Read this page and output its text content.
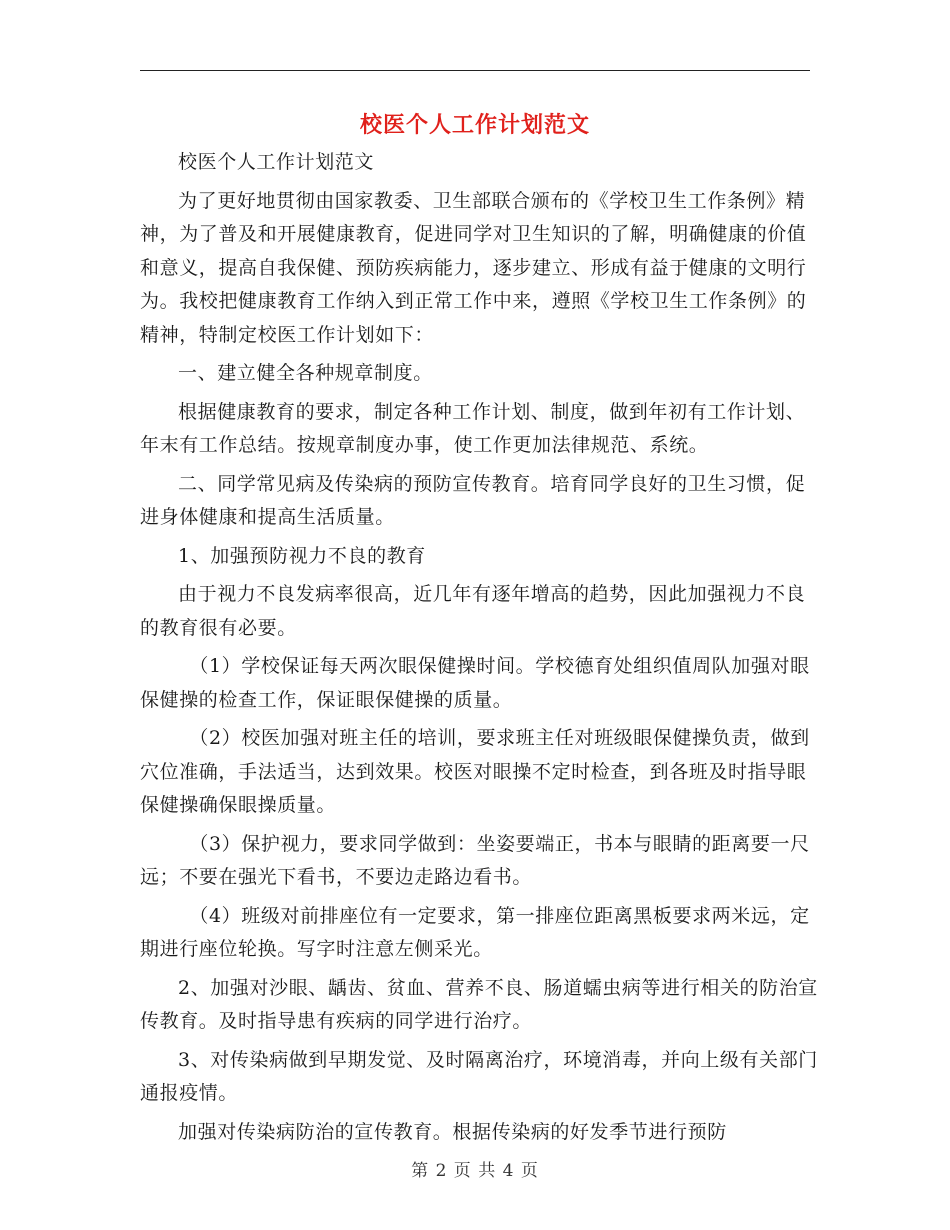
校医个人工作计划范文

校医个人工作计划范文

为了更好地贯彻由国家教委、卫生部联合颁布的《学校卫生工作条例》精神，为了普及和开展健康教育，促进同学对卫生知识的了解，明确健康的价值和意义，提高自我保健、预防疾病能力，逐步建立、形成有益于健康的文明行为。我校把健康教育工作纳入到正常工作中来，遵照《学校卫生工作条例》的精神，特制定校医工作计划如下：

一、建立健全各种规章制度。

根据健康教育的要求，制定各种工作计划、制度，做到年初有工作计划、年末有工作总结。按规章制度办事，使工作更加法律规范、系统。

二、同学常见病及传染病的预防宣传教育。培育同学良好的卫生习惯，促进身体健康和提高生活质量。

1、加强预防视力不良的教育

由于视力不良发病率很高，近几年有逐年增高的趋势，因此加强视力不良的教育很有必要。

（1）学校保证每天两次眼保健操时间。学校德育处组织值周队加强对眼保健操的检查工作，保证眼保健操的质量。

（2）校医加强对班主任的培训，要求班主任对班级眼保健操负责，做到穴位准确，手法适当，达到效果。校医对眼操不定时检查，到各班及时指导眼保健操确保眼操质量。

（3）保护视力，要求同学做到：坐姿要端正，书本与眼睛的距离要一尺远；不要在强光下看书，不要边走路边看书。

（4）班级对前排座位有一定要求，第一排座位距离黑板要求两米远，定期进行座位轮换。写字时注意左侧采光。

2、加强对沙眼、龋齿、贫血、营养不良、肠道蠕虫病等进行相关的防治宣传教育。及时指导患有疾病的同学进行治疗。

3、对传染病做到早期发觉、及时隔离治疗，环境消毒，并向上级有关部门通报疫情。

加强对传染病防治的宣传教育。根据传染病的好发季节进行预防

第 2 页 共 4 页
